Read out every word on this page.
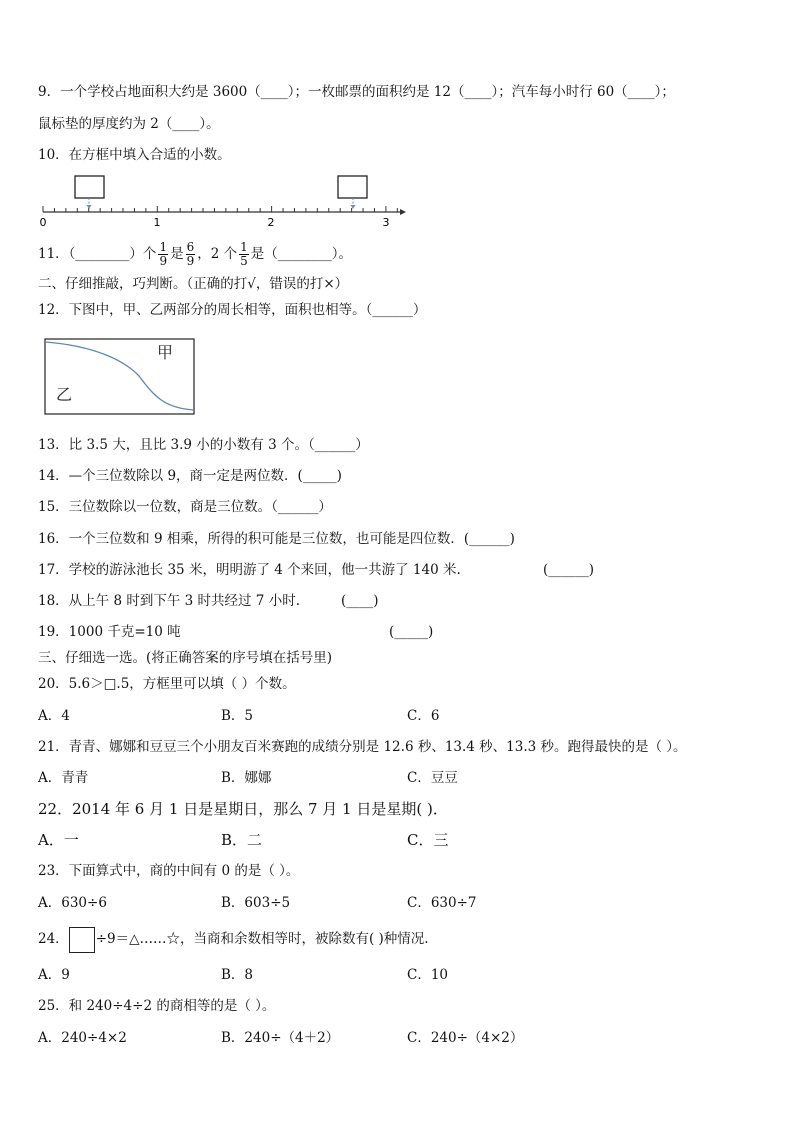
9．一个学校占地面积大约是 3600（____）；一枚邮票的面积约是 12（____）；汽车每小时行 60（____）；
鼠标垫的厚度约为 2（____）。
10．在方框中填入合适的小数。
0	1	2	3
11．（________）个 $\frac{1}{9}$ 是 $\frac{6}{9}$ ，2 个 $\frac{1}{5}$ 是（________）。
二、仔细推敲，巧判断。（正确的打√，错误的打×）
12．下图中，甲、乙两部分的周长相等，面积也相等。（______）
甲
乙
13．比 3.5 大，且比 3.9 小的小数有 3 个。（______）
14．—个三位数除以 9，商一定是两位数．(_____)
15．三位数除以一位数，商是三位数。（______）
16．一个三位数和 9 相乘，所得的积可能是三位数，也可能是四位数．(______)
17．学校的游泳池长 35 米，明明游了 4 个来回，他一共游了 140 米.	(______)
18．从上午 8 时到下午 3 时共经过 7 小时.	(____)
19．1000 千克=10 吨	(_____)
三、仔细选一选。(将正确答案的序号填在括号里)
20．5.6＞□.5，方框里可以填（ ）个数。
A．4	B．5	C．6
21．青青、娜娜和豆豆三个小朋友百米赛跑的成绩分别是 12.6 秒、13.4 秒、13.3 秒。跑得最快的是（ ）。
A．青青	B．娜娜	C．豆豆
22．2014 年 6 月 1 日是星期日，那么 7 月 1 日是星期( )．
A．一	B．二	C．三
23．下面算式中，商的中间有 0 的是（ ）。
A．630÷6	B．603÷5	C．630÷7
24． ÷9＝△……☆，当商和余数相等时，被除数有( )种情况.
A．9	B．8	C．10
25．和 240÷4÷2 的商相等的是（ ）。
A．240÷4×2	B．240÷（4＋2）	C．240÷（4×2）
